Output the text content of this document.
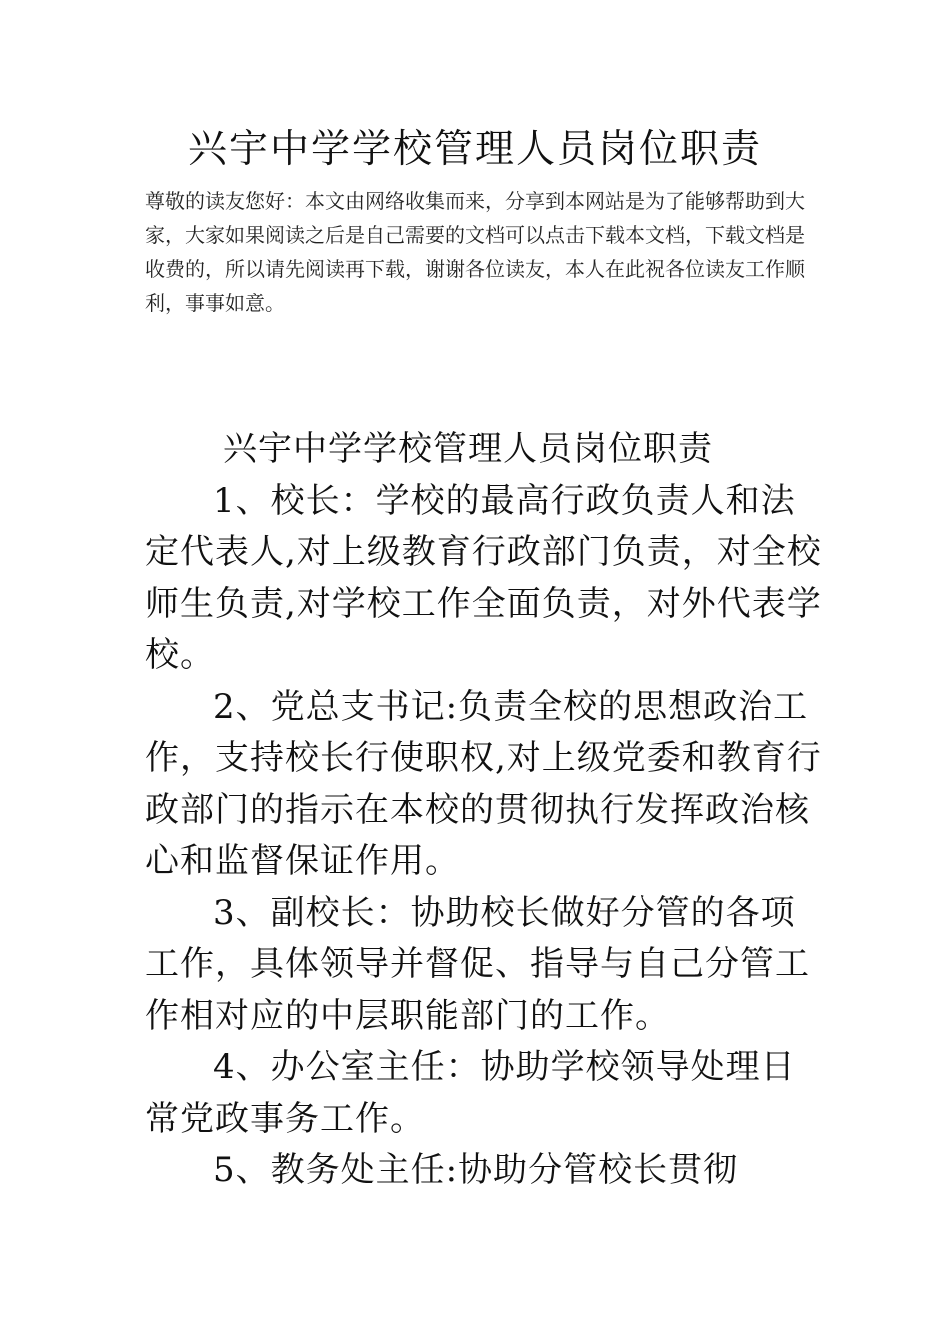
兴宇中学学校管理人员岗位职责

尊敬的读友您好：本文由网络收集而来，分享到本网站是为了能够帮助到大家，大家如果阅读之后是自己需要的文档可以点击下载本文档，下载文档是收费的，所以请先阅读再下载，谢谢各位读友，本人在此祝各位读友工作顺利，事事如意。

兴宇中学学校管理人员岗位职责

1、校长：学校的最高行政负责人和法定代表人,对上级教育行政部门负责，对全校师生负责,对学校工作全面负责，对外代表学校。

2、党总支书记:负责全校的思想政治工作，支持校长行使职权,对上级党委和教育行政部门的指示在本校的贯彻执行发挥政治核心和监督保证作用。

3、副校长：协助校长做好分管的各项工作，具体领导并督促、指导与自己分管工作相对应的中层职能部门的工作。

4、办公室主任：协助学校领导处理日常党政事务工作。

5、教务处主任:协助分管校长贯彻
